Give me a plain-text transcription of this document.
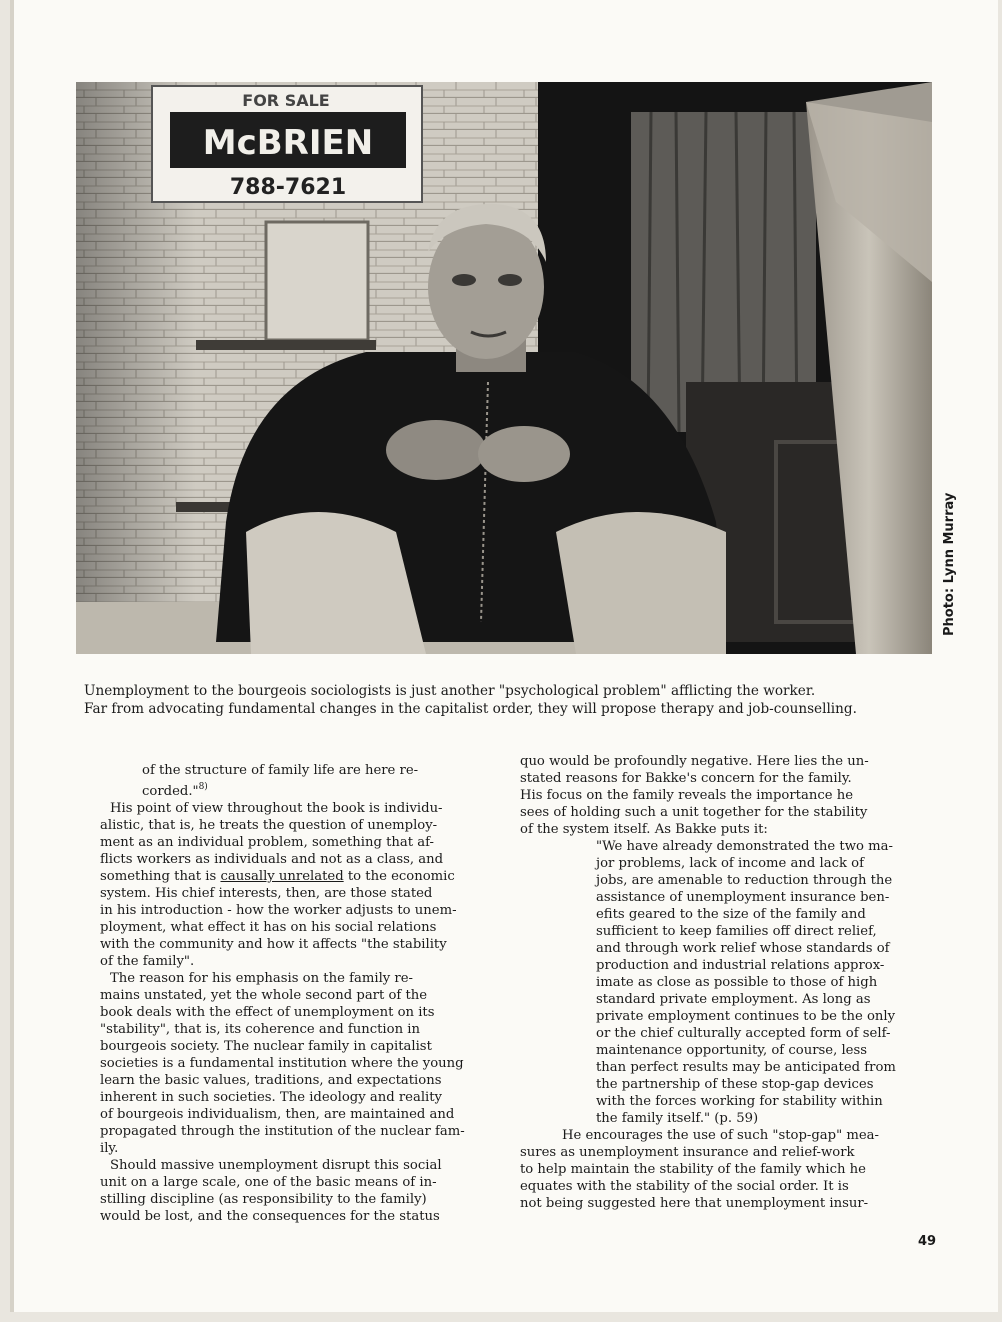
FOR SALE
McBRIEN
788-7621
Photo: Lynn Murray

Unemployment to the bourgeois sociologists is just another "psychological problem" afflicting the worker.

Far from advocating fundamental changes in the capitalist order, they will propose therapy and job-counselling.

of the structure of family life are here re-

corded."$^{8)}$

His point of view throughout the book is individu-

alistic, that is, he treats the question of unemploy-

ment as an individual problem, something that af-

flicts workers as individuals and not as a class, and

something that is causally unrelated to the economic

system. His chief interests, then, are those stated

in his introduction - how the worker adjusts to unem-

ployment, what effect it has on his social relations

with the community and how it affects "the stability

of the family".

The reason for his emphasis on the family re-

mains unstated, yet the whole second part of the

book deals with the effect of unemployment on its

"stability", that is, its coherence and function in

bourgeois society. The nuclear family in capitalist

societies is a fundamental institution where the young

learn the basic values, traditions, and expectations

inherent in such societies. The ideology and reality

of bourgeois individualism, then, are maintained and

propagated through the institution of the nuclear fam-

ily.

Should massive unemployment disrupt this social

unit on a large scale, one of the basic means of in-

stilling discipline (as responsibility to the family)

would be lost, and the consequences for the status

quo would be profoundly negative. Here lies the un-

stated reasons for Bakke's concern for the family.

His focus on the family reveals the importance he

sees of holding such a unit together for the stability

of the system itself. As Bakke puts it:

"We have already demonstrated the two ma-

jor problems, lack of income and lack of

jobs, are amenable to reduction through the

assistance of unemployment insurance ben-

efits geared to the size of the family and

sufficient to keep families off direct relief,

and through work relief whose standards of

production and industrial relations approx-

imate as close as possible to those of high

standard private employment. As long as

private employment continues to be the only

or the chief culturally accepted form of self-

maintenance opportunity, of course, less

than perfect results may be anticipated from

the partnership of these stop-gap devices

with the forces working for stability within

the family itself." (p. 59)

He encourages the use of such "stop-gap" mea-

sures as unemployment insurance and relief-work

to help maintain the stability of the family which he

equates with the stability of the social order. It is

not being suggested here that unemployment insur-

49
